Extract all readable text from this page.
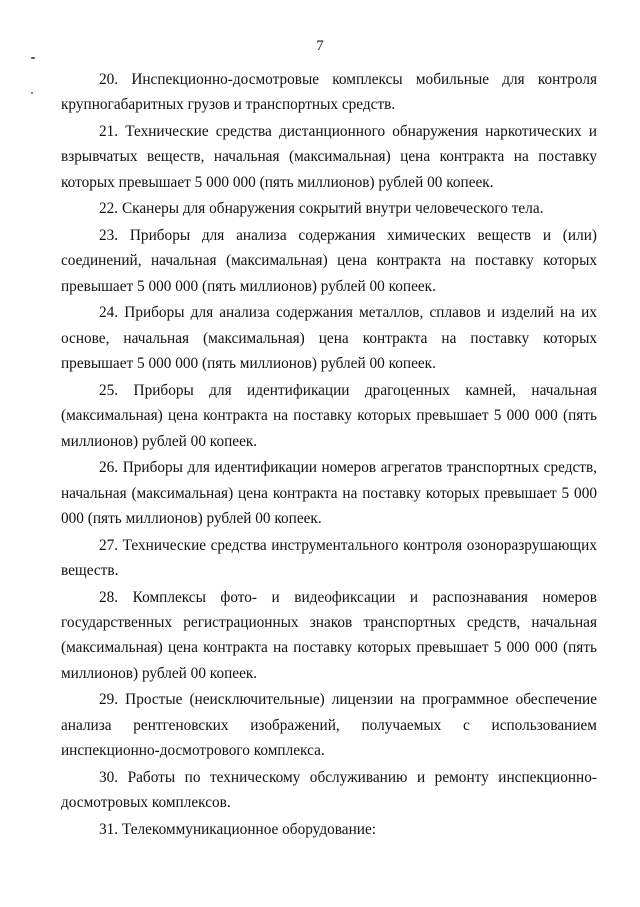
7

20. Инспекционно-досмотровые комплексы мобильные для контроля крупногабаритных грузов и транспортных средств.

21. Технические средства дистанционного обнаружения наркотических и взрывчатых веществ, начальная (максимальная) цена контракта на поставку которых превышает 5 000 000 (пять миллионов) рублей 00 копеек.

22. Сканеры для обнаружения сокрытий внутри человеческого тела.

23. Приборы для анализа содержания химических веществ и (или) соединений, начальная (максимальная) цена контракта на поставку которых превышает 5 000 000 (пять миллионов) рублей 00 копеек.

24. Приборы для анализа содержания металлов, сплавов и изделий на их основе, начальная (максимальная) цена контракта на поставку которых превышает 5 000 000 (пять миллионов) рублей 00 копеек.

25. Приборы для идентификации драгоценных камней, начальная (максимальная) цена контракта на поставку которых превышает 5 000 000 (пять миллионов) рублей 00 копеек.

26. Приборы для идентификации номеров агрегатов транспортных средств, начальная (максимальная) цена контракта на поставку которых превышает 5 000 000 (пять миллионов) рублей 00 копеек.

27. Технические средства инструментального контроля озоноразрушающих веществ.

28. Комплексы фото- и видеофиксации и распознавания номеров государственных регистрационных знаков транспортных средств, начальная (максимальная) цена контракта на поставку которых превышает 5 000 000 (пять миллионов) рублей 00 копеек.

29. Простые (неисключительные) лицензии на программное обеспечение анализа рентгеновских изображений, получаемых с использованием инспекционно-досмотрового комплекса.

30. Работы по техническому обслуживанию и ремонту инспекционно-досмотровых комплексов.

31. Телекоммуникационное оборудование:
